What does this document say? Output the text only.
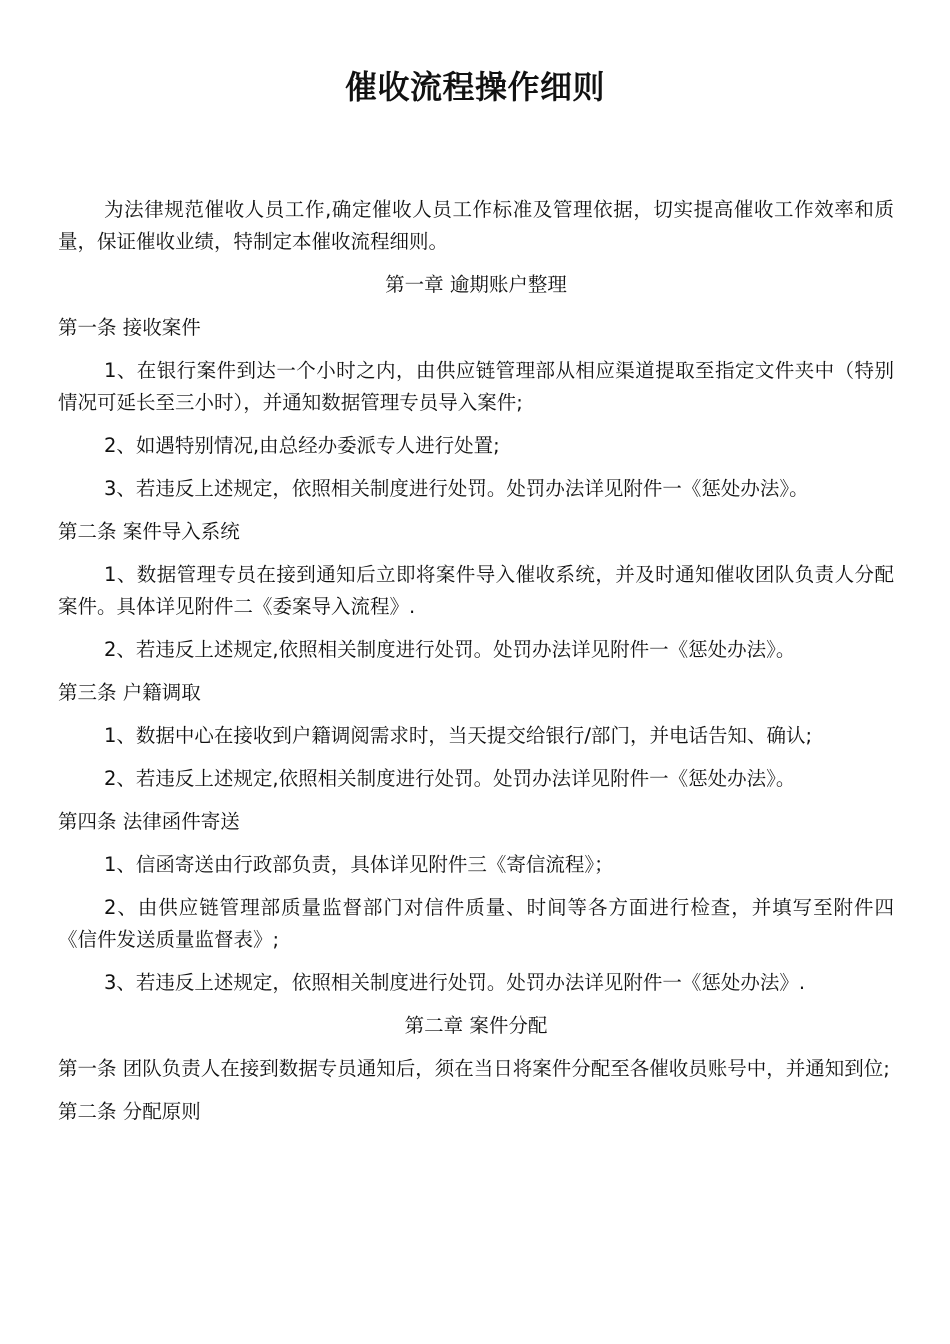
催收流程操作细则

为法律规范催收人员工作,确定催收人员工作标准及管理依据，切实提高催收工作效率和质量，保证催收业绩，特制定本催收流程细则。

第一章 逾期账户整理

第一条 接收案件

1、在银行案件到达一个小时之内，由供应链管理部从相应渠道提取至指定文件夹中（特别情况可延长至三小时），并通知数据管理专员导入案件;

2、如遇特别情况,由总经办委派专人进行处置;

3、若违反上述规定，依照相关制度进行处罚。处罚办法详见附件一《惩处办法》。

第二条 案件导入系统

1、数据管理专员在接到通知后立即将案件导入催收系统，并及时通知催收团队负责人分配案件。具体详见附件二《委案导入流程》.

2、若违反上述规定,依照相关制度进行处罚。处罚办法详见附件一《惩处办法》。

第三条 户籍调取

1、数据中心在接收到户籍调阅需求时，当天提交给银行/部门，并电话告知、确认;

2、若违反上述规定,依照相关制度进行处罚。处罚办法详见附件一《惩处办法》。

第四条 法律函件寄送

1、信函寄送由行政部负责，具体详见附件三《寄信流程》；

2、由供应链管理部质量监督部门对信件质量、时间等各方面进行检查，并填写至附件四《信件发送质量监督表》;

3、若违反上述规定，依照相关制度进行处罚。处罚办法详见附件一《惩处办法》.

第二章 案件分配

第一条 团队负责人在接到数据专员通知后，须在当日将案件分配至各催收员账号中，并通知到位;

第二条 分配原则
